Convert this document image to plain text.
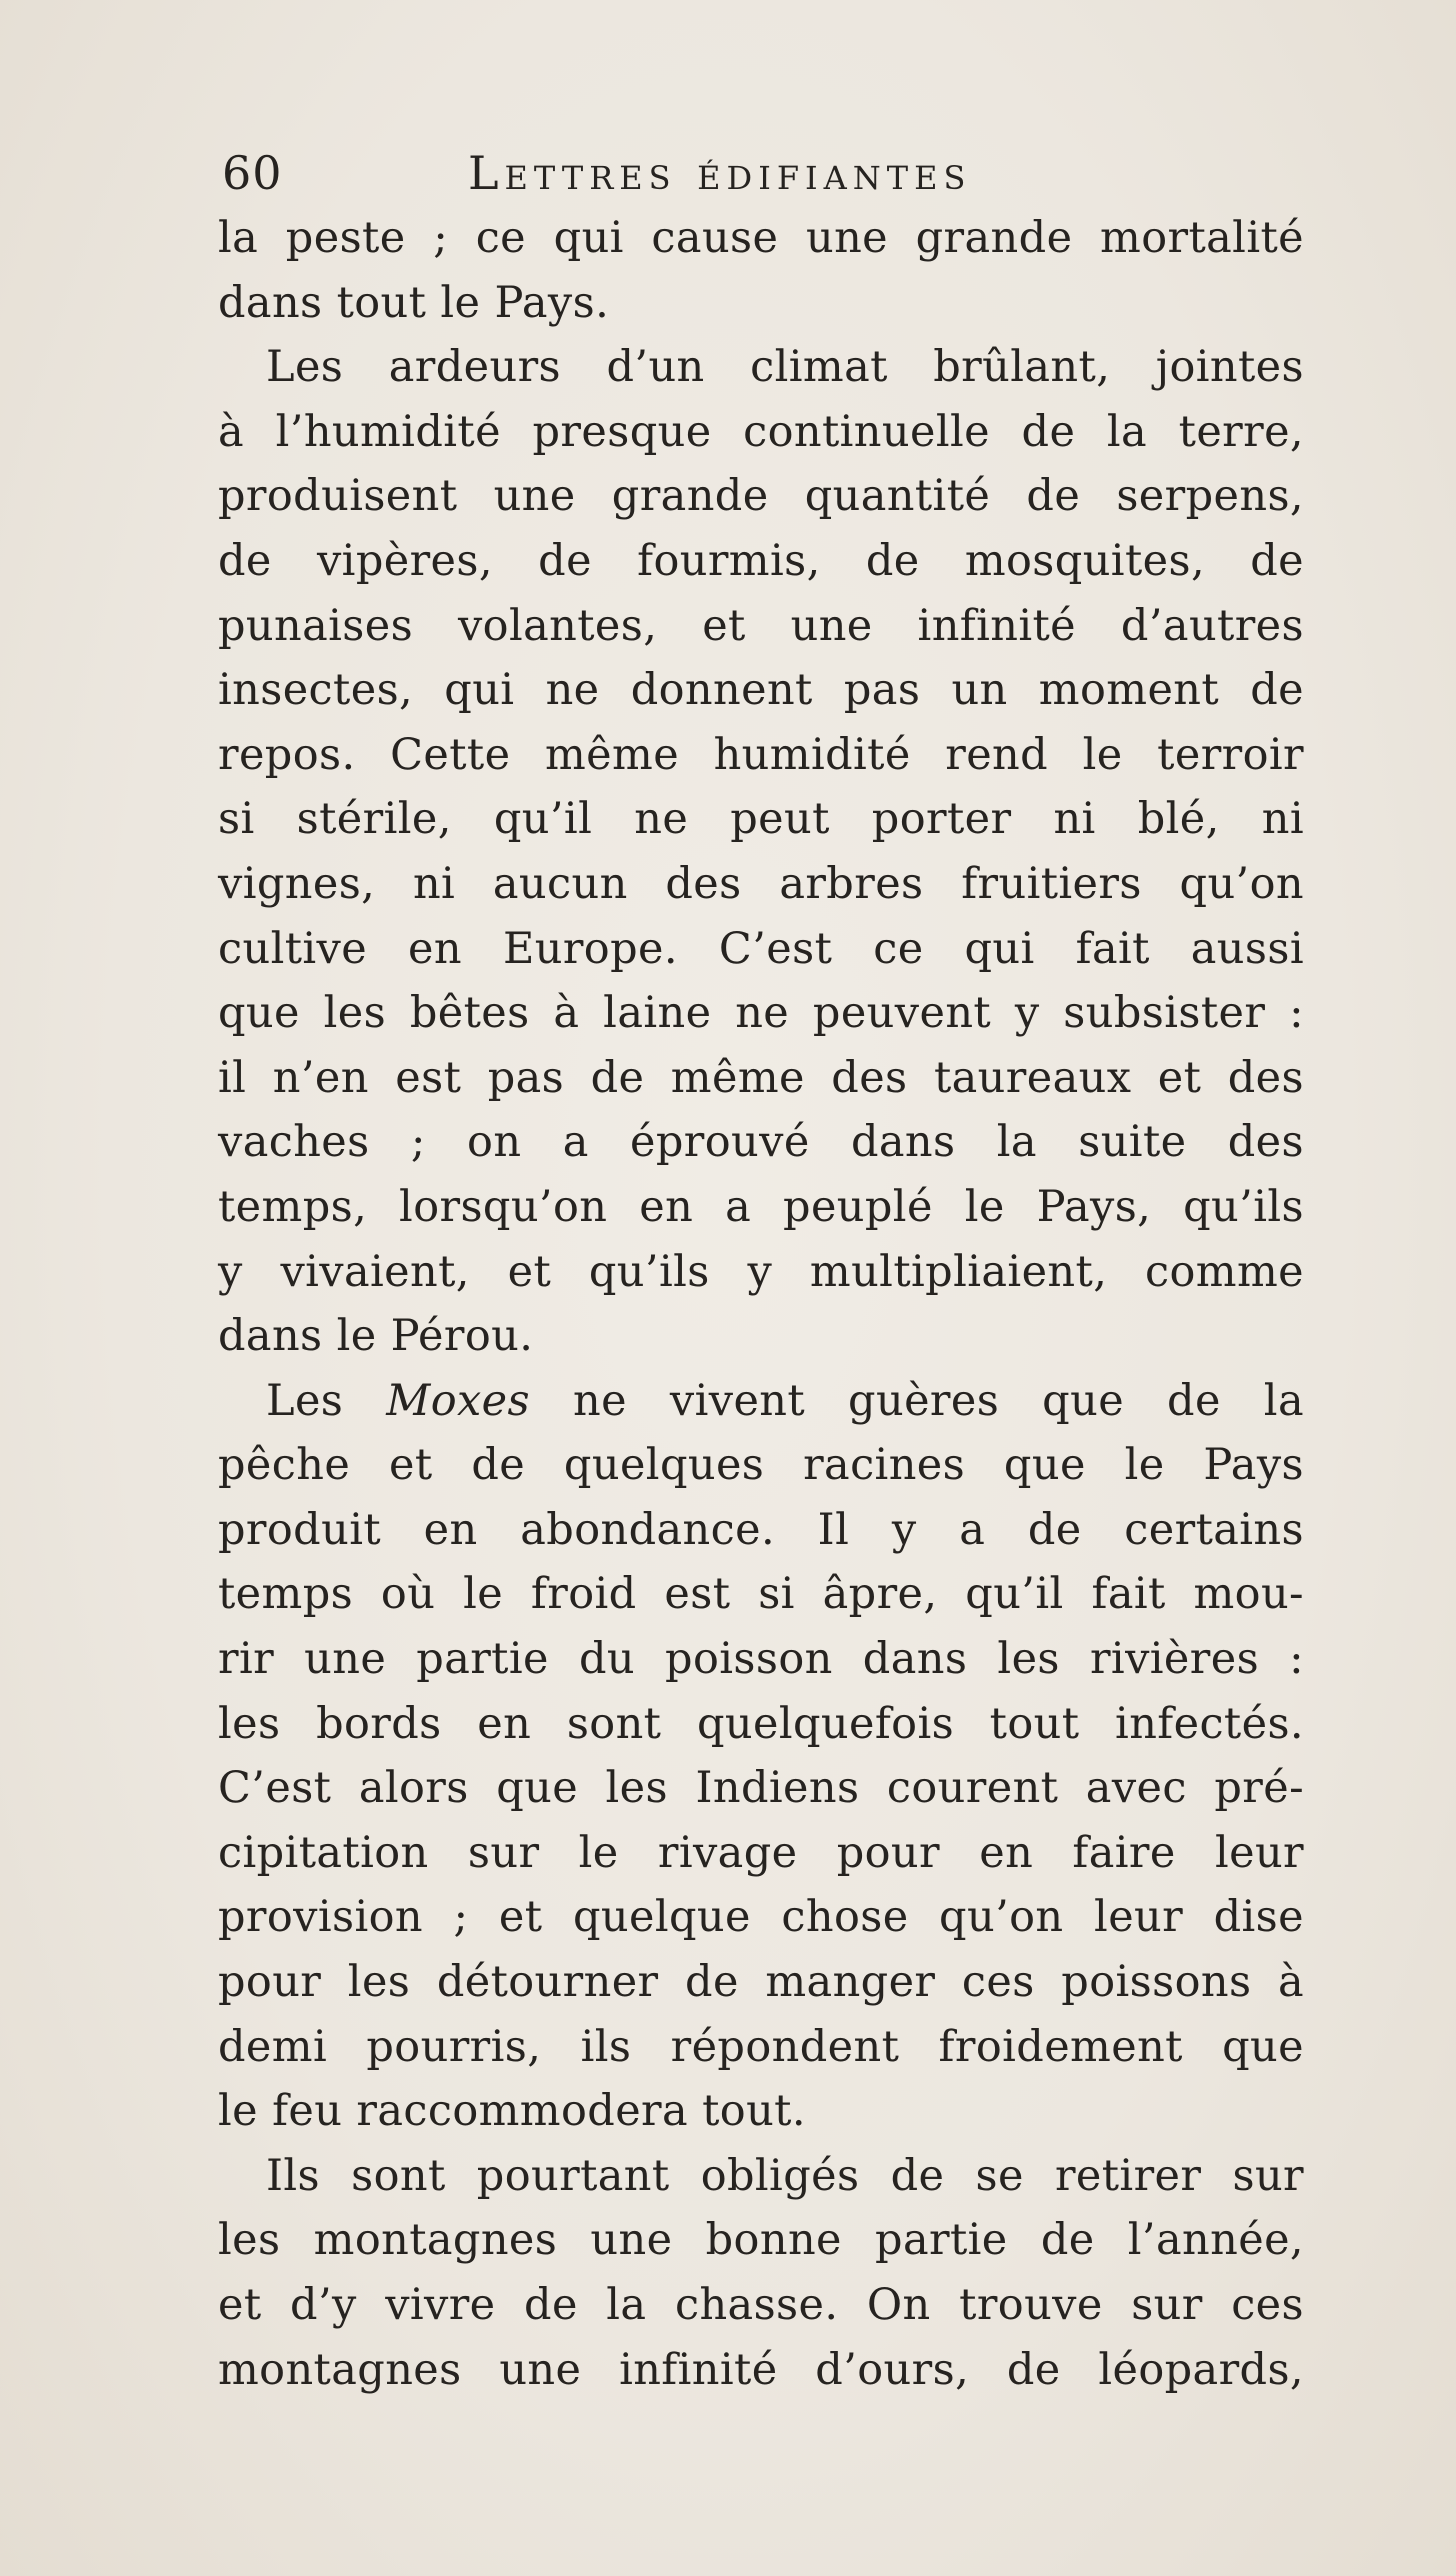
60	Lettres édifiantes
la peste ; ce qui cause une grande mortalité
dans tout le Pays.
Les ardeurs d’un climat brûlant, jointes
à l’humidité presque continuelle de la terre,
produisent une grande quantité de serpens,
de vipères, de fourmis, de mosquites, de
punaises volantes, et une infinité d’autres
insectes, qui ne donnent pas un moment de
repos. Cette même humidité rend le terroir
si stérile, qu’il ne peut porter ni blé, ni
vignes, ni aucun des arbres fruitiers qu’on
cultive en Europe. C’est ce qui fait aussi
que les bêtes à laine ne peuvent y subsister :
il n’en est pas de même des taureaux et des
vaches ; on a éprouvé dans la suite des
temps, lorsqu’on en a peuplé le Pays, qu’ils
y vivaient, et qu’ils y multipliaient, comme
dans le Pérou.
Les Moxes ne vivent guères que de la
pêche et de quelques racines que le Pays
produit en abondance. Il y a de certains
temps où le froid est si âpre, qu’il fait mou-
rir une partie du poisson dans les rivières :
les bords en sont quelquefois tout infectés.
C’est alors que les Indiens courent avec pré-
cipitation sur le rivage pour en faire leur
provision ; et quelque chose qu’on leur dise
pour les détourner de manger ces poissons à
demi pourris, ils répondent froidement que
le feu raccommodera tout.
Ils sont pourtant obligés de se retirer sur
les montagnes une bonne partie de l’année,
et d’y vivre de la chasse. On trouve sur ces
montagnes une infinité d’ours, de léopards,
